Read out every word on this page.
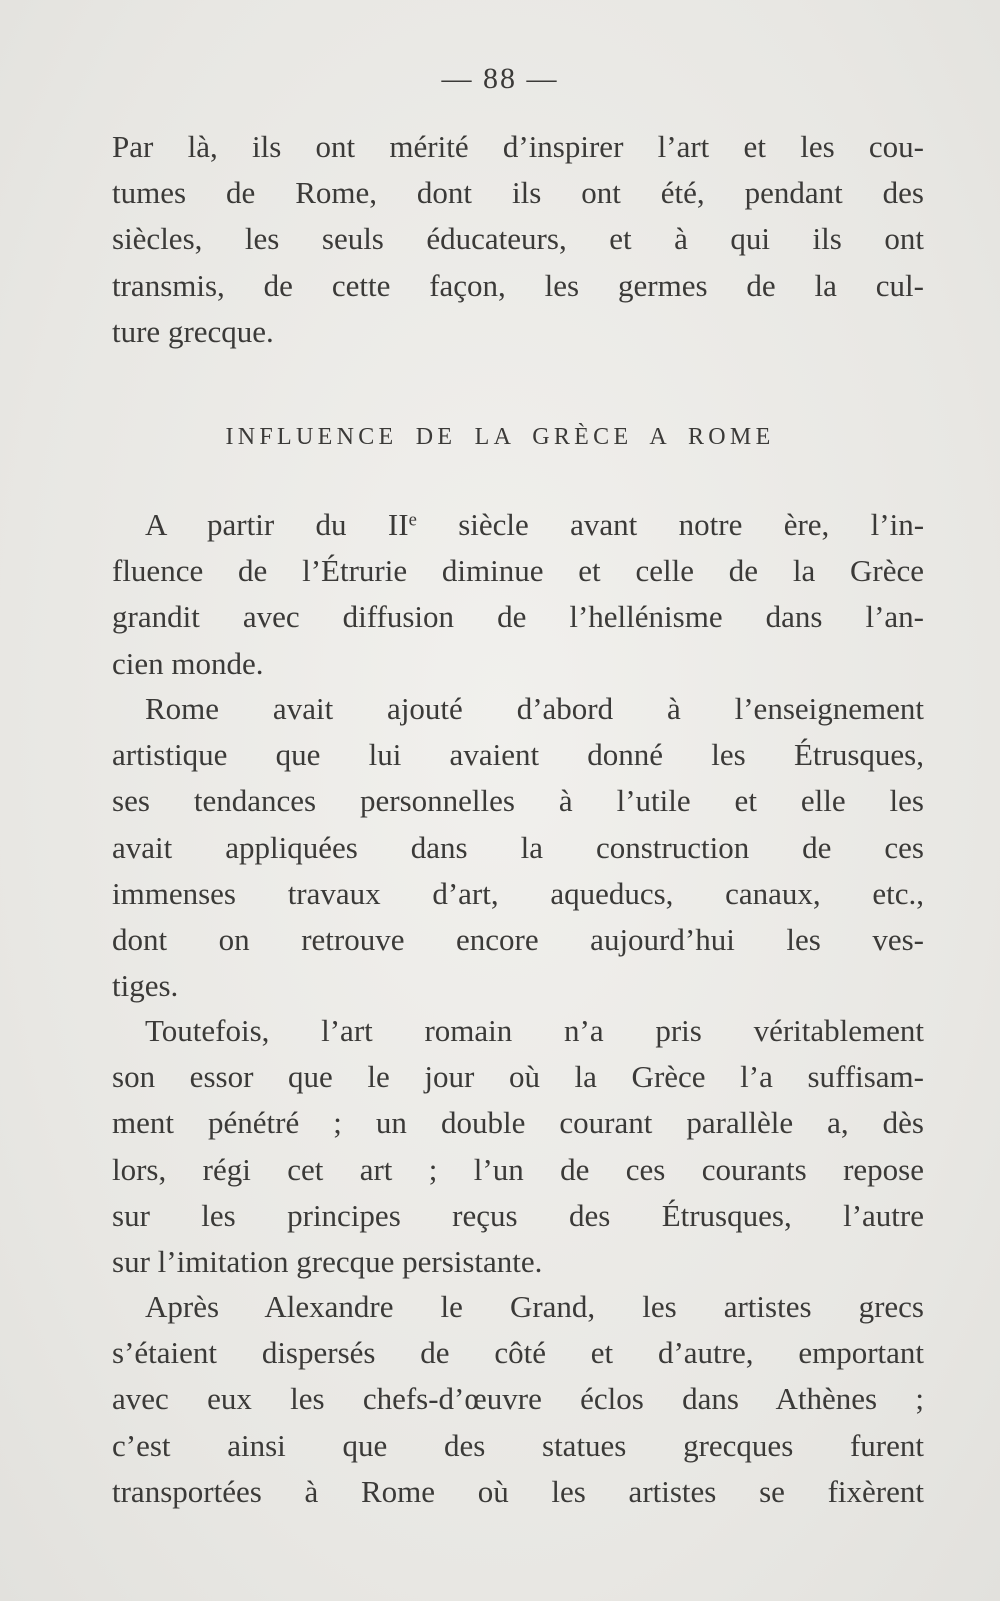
— 88 —
Par là, ils ont mérité d’inspirer l’art et les cou-
tumes de Rome, dont ils ont été, pendant des
siècles, les seuls éducateurs, et à qui ils ont
transmis, de cette façon, les germes de la cul-
ture grecque.
INFLUENCE DE LA GRÈCE A ROME
A partir du IIe siècle avant notre ère, l’in-
fluence de l’Étrurie diminue et celle de la Grèce
grandit avec diffusion de l’hellénisme dans l’an-
cien monde.
Rome avait ajouté d’abord à l’enseignement
artistique que lui avaient donné les Étrusques,
ses tendances personnelles à l’utile et elle les
avait appliquées dans la construction de ces
immenses travaux d’art, aqueducs, canaux, etc.,
dont on retrouve encore aujourd’hui les ves-
tiges.
Toutefois, l’art romain n’a pris véritablement
son essor que le jour où la Grèce l’a suffisam-
ment pénétré ; un double courant parallèle a, dès
lors, régi cet art ; l’un de ces courants repose
sur les principes reçus des Étrusques, l’autre
sur l’imitation grecque persistante.
Après Alexandre le Grand, les artistes grecs
s’étaient dispersés de côté et d’autre, emportant
avec eux les chefs-d’œuvre éclos dans Athènes ;
c’est ainsi que des statues grecques furent
transportées à Rome où les artistes se fixèrent
